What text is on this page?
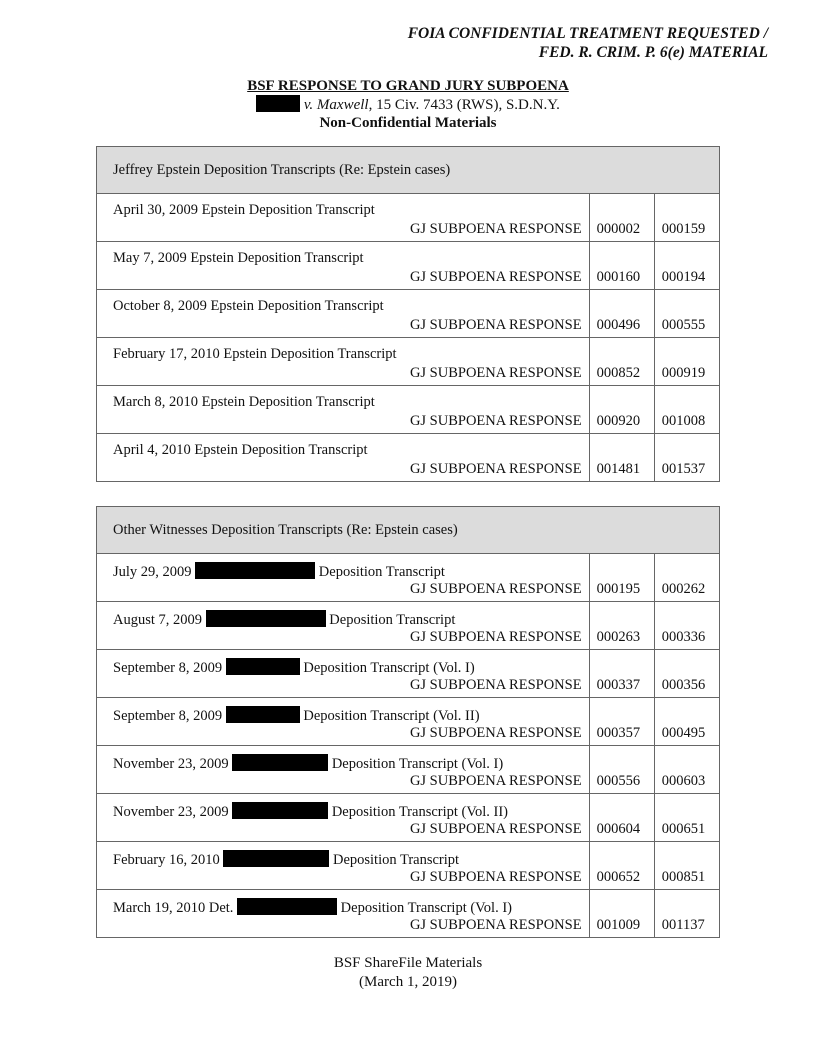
FOIA CONFIDENTIAL TREATMENT REQUESTED /
FED. R. CRIM. P. 6(e) MATERIAL
BSF RESPONSE TO GRAND JURY SUBPOENA
v. Maxwell, 15 Civ. 7433 (RWS), S.D.N.Y.
Non-Confidential Materials
Jeffrey Epstein Deposition Transcripts (Re: Epstein cases)		

April 30, 2009 Epstein Deposition Transcript
GJ SUBPOENA RESPONSE	000002	000159

May 7, 2009 Epstein Deposition Transcript
GJ SUBPOENA RESPONSE	000160	000194

October 8, 2009 Epstein Deposition Transcript
GJ SUBPOENA RESPONSE	000496	000555

February 17, 2010 Epstein Deposition Transcript
GJ SUBPOENA RESPONSE	000852	000919

March 8, 2010 Epstein Deposition Transcript
GJ SUBPOENA RESPONSE	000920	001008

April 4, 2010 Epstein Deposition Transcript
GJ SUBPOENA RESPONSE	001481	001537
Other Witnesses Deposition Transcripts (Re: Epstein cases)		

July 29, 2009 Deposition Transcript
GJ SUBPOENA RESPONSE	000195	000262

August 7, 2009 Deposition Transcript
GJ SUBPOENA RESPONSE	000263	000336

September 8, 2009 Deposition Transcript (Vol. I)
GJ SUBPOENA RESPONSE	000337	000356

September 8, 2009 Deposition Transcript (Vol. II)
GJ SUBPOENA RESPONSE	000357	000495

November 23, 2009 Deposition Transcript (Vol. I)
GJ SUBPOENA RESPONSE	000556	000603

November 23, 2009 Deposition Transcript (Vol. II)
GJ SUBPOENA RESPONSE	000604	000651

February 16, 2010 Deposition Transcript
GJ SUBPOENA RESPONSE	000652	000851

March 19, 2010 Det. Deposition Transcript (Vol. I)
GJ SUBPOENA RESPONSE	001009	001137
BSF ShareFile Materials
(March 1, 2019)
